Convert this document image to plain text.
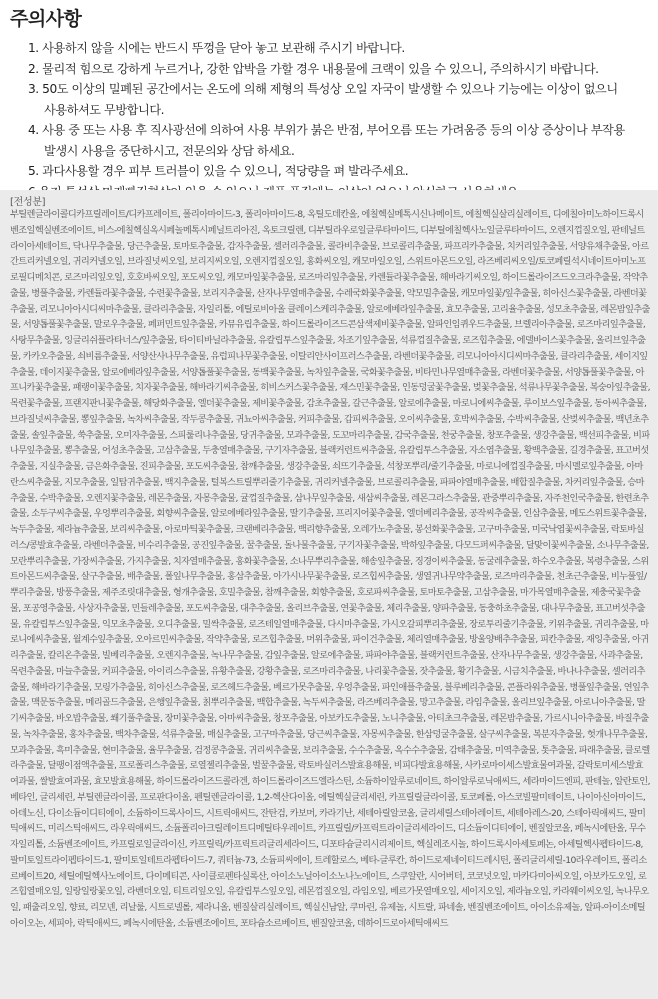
주의사항

1. 사용하지 않을 시에는 반드시 뚜껑을 닫아 놓고 보관해 주시기 바랍니다.

2. 물리적 힘으로 강하게 누르거나, 강한 압박을 가할 경우 내용물에 크랙이 있을 수 있으니, 주의하시기 바랍니다.

3. 50도 이상의 밀폐된 공간에서는 온도에 의해 제형의 특성상 오일 자국이 발생할 수 있으나 기능에는 이상이 없으니

사용하셔도 무방합니다.

4. 사용 중 또는 사용 후 직사광선에 의하여 사용 부위가 붉은 반점, 부어오름 또는 가려움증 등의 이상 증상이나 부작용

발생시 사용을 중단하시고, 전문의와 상담 하세요.

5. 과다사용할 경우 피부 트러블이 있을 수 있으니, 적당량을 펴 발라주세요.

[전성분]
부틸렌글라이콜디카프릴레이트/디카프레이트, 폴리아마이드-3, 폴리아마이드-8, 옥틸도데칸올, 에칠헥실메톡시신나메이트, 에칠헥실살리실레이트, 디에칠아미노하이드록시벤조일헥실벤조에이트, 비스-에칠헥실옥시페놀메톡시페닐트리아진, 옥토크릴렌, 디부틸라우로일글루타마이드, 디부틸에칠헥사노일글루타마이드, 오렌지껍질오일, 판테닐트라이아세테이트, 닥나무추출물, 당근추출물, 토마토추출물, 감자추출물, 셀러리추출물, 콜라비추출물, 브로콜리추출물, 파프리카추출물, 치커리잎추출물, 서양유채추출물, 아르간트리커넬오일, 귀리커넬오일, 브라질넛씨오일, 보리지씨오일, 오렌지껍질오일, 홍화씨오일, 캐모마일오일, 스위트아몬드오일, 라즈베리씨오일/토코페릴석시네이트아미노프로필디메치콘, 로즈마리잎오일, 호호바씨오일, 포도씨오일, 캐모마일꽃추출물, 로즈마리잎추출물, 카렌듈라꽃추출물, 해바라기씨오일, 하이드롤라이즈드오크라추출물, 작약추출물, 병풀추출물, 카렌듈라꽃추출물, 수련꽃추출물, 보리지추출물, 산자나무열매추출물, 수레국화꽃추출물, 약모밀추출물, 캐모마일꽃/잎추출물, 히아신스꽃추출물, 라벤더꽃추출물, 리모니아아시디씨마추출물, 클라리추출물, 자일리톨, 에틸로비아올 클레이스케리추출물, 알로에베라잎추출물, 효모추출물, 고리율추출물, 성모초추출물, 레몬밤잎추출물, 서양톱풀꽃추출물, 말로우추출물, 페퍼민트잎추출물, 카뮤유립추출물, 하이드롤라이즈드콘삼색제비꽃추출물, 알파인임퀴우드추출물, 브렐리아추출물, 로즈마리잎추출물, 사탕무추출물, 잉글리쉬플라타너스/잎추출물, 타이티바닐라추출물, 유칼립투스잎추출물, 차조기잎추출물, 석류껍질추출물, 로즈힙추출물, 에델바이스꽃추출물, 올리브잎추출물, 카카오추출물, 쇠비름추출물, 서양산사나무추출물, 유럽피나무꽃추출물, 이탈리안사이프러스추출물, 라벤더꽃추출물, 리모니아아시디씨마추출물, 클라리추출물, 세이지잎추출물, 데이지꽃추출물, 알로에베라잎추출물, 서양톱풀꽃추출물, 동백꽃추출물, 녹차잎추출물, 국화꽃추출물, 비타민나무열매추출물, 라벤더꽃추출물, 서양톱풀꽃추출물, 아프니카꽃추출물, 패랭이꽃추출물, 치자꽃추출물, 해바라기씨추출물, 히비스커스꽃추출물, 재스민꽃추출물, 인동덩굴꽃추출물, 벚꽃추출물, 석류나무꽃추출물, 복숭아잎추출물, 목련꽃추출물, 프랜지판니꽃추출물, 해당화추출물, 엘더꽃추출물, 제비꽃추출물, 감초추출물, 갈근추출물, 알로에추출물, 마로니에씨추출물, 루이보스잎추출물, 동아씨추출물, 브라질넛씨추출물, 뽕잎추출물, 녹차씨추출물, 작두콩추출물, 귀뇨아씨추출물, 커피추출물, 갑피씨추출물, 오이씨추출물, 호박씨추출물, 수박씨추출물, 산벚씨추출물, 백년초추출물, 솔잎추출물, 쑥추출물, 오미자추출물, 스피룰리나추출물, 당귀추출물, 모과추출물, 도꼬마리추출물, 감국추출물, 천궁추출물, 창포추출물, 생강추출물, 백선피추출물, 비파나무잎추출물, 뽕추출물, 어성초추출물, 고삼추출물, 두충열매추출물, 구기자추출물, 블랙커런트씨추출물, 유칼립투스추출물, 자소엽추출물, 황백추출물, 길경추출물, 표고버섯추출물, 지실추출물, 금은화추출물, 진피추출물, 포도씨추출물, 참깨추출물, 생강추출물, 쇠뜨기추출물, 석창포뿌리/줄기추출물, 마로니에껍질추출물, 마시멜로잎추출물, 아마란스씨추출물, 지모추출물, 일탑귀추출물, 백지추출물, 털복스트릴뿌리줄기추출물, 귀리커넬추출물, 브로콜리추출물, 파파야열매추출물, 배합질추출물, 차커리잎추출물, 승마추출물, 수박추출물, 오렌지꽃추출물, 레몬추출물, 자몽추출물, 귤껍질추출물, 삼나무잎추출물, 새삼씨추출물, 레몬그라스추출물, 관중뿌리추출물, 자주천인국추출물, 한련초추출물, 소두구씨추출물, 우엉뿌리추출물, 회향씨추출물, 알로에베라잎추출물, 딸기추출물, 프리지어꽃추출물, 엘더베리추출물, 공작씨추출물, 인삼추출물, 메도스위트꽃추출물, 녹두추출물, 제라늄추출물, 보리씨추출물, 아로마틱꽃추출물, 크랜베리추출물, 백리향추출물, 오레가노추출물, 봉선화꽃추출물, 고구마추출물, 미국낙엽꽃씨추출물, 락토바실러스/콩발효추출물, 라벤더추출물, 비수리추출물, 공진잎추출물, 꿀추출물, 돌나물추출물, 구기자꽃추출물, 박하잎추출물, 다모드퍼씨추출물, 달맞이꽃씨추출물, 소나무추출물, 모란뿌리추출물, 가장씨추출물, 가지추출물, 치자열매추출물, 홍화꽃추출물, 소나무뿌리추출물, 해송잎추출물, 징경이씨추출물, 동굴레추출물, 하수오추출물, 복령추출물, 스위트아몬드씨추출물, 살구추출물, 배추출물, 폴잎나무추출물, 홍삼추출물, 아가시나무꽃추출물, 로즈힙씨추출물, 생열귀나무약추출물, 로즈마리추출물, 천초근추출물, 비누풀잎/뿌리추출물, 방풍추출물, 제주조릿대추출물, 형개추출물, 호밀추출물, 참깨추출물, 회향추출물, 호로파씨추출물, 토마토추출물, 고삼추출물, 마가목열매추출물, 제충국꽃추출물, 포공영추출물, 사상자추출물, 민들레추출물, 포도씨추출물, 대추추출물, 올리브추출물, 연꽃추출물, 체리추출물, 양파추출물, 동충하초추출물, 대나무추출물, 표고버섯추출물, 유칼립투스잎추출물, 익모초추출물, 오디추출물, 밀싹추출물, 로즈테일열매추출물, 다시마추출물, 가시오갈피뿌리추출물, 장로투리줄기추출물, 키위추출물, 귀리추출물, 마로니에씨추출물, 월계수잎추출물, 오아르민씨추출물, 작약추출물, 로즈힙추출물, 머위추출물, 파이건추출물, 체리열매추출물, 방울양배추추출물, 피칸추출물, 재잉추출물, 아귀리추출물, 칼리온추출물, 빌베리추출물, 오렌지추출물, 녹나무추출물, 감잎추출물, 알로에추출물, 파파야추출물, 블랙커런트추출물, 산자나무추출물, 생강추출물, 사과추출물, 목련추출물, 마늘추출물, 커피추출물, 아이리스추출물, 유황추출물, 강황추출물, 로즈마리추출물, 나리꽃추출물, 잣추출물, 황기추출물, 시금치추출물, 바나나추출물, 셀러리추출물, 해바라기추출물, 모링가추출물, 히아신스추출물, 로즈헤드추출물, 베르가못추출물, 우엉추출물, 파인애플추출물, 블루베리추출물, 콘플라워추출물, 병풀잎추출물, 연잎추출물, 맥문동추출물, 메리골드추출물, 은행잎추출물, 칡뿌리추출물, 백합추출물, 녹두씨추출물, 라즈베리추출물, 망고추출물, 라임추출물, 올리브잎추출물, 아로니아추출물, 딸기씨추출물, 바오밥추출물, 쐐기풀추출물, 장미꽃추출물, 아마씨추출물, 창포추출물, 아보카도추출물, 노니추출물, 아티초크추출물, 레몬밤추출물, 가르시니아추출물, 바질추출물, 녹차추출물, 홍차추출물, 백차추출물, 석류추출물, 매실추출물, 고구마추출물, 당근씨추출물, 자몽씨추출물, 한삼덩굴추출물, 살구씨추출물, 복분자추출물, 헛개나무추출물, 모과추출물, 흑미추출물, 현미추출물, 율무추출물, 검정콩추출물, 귀리씨추출물, 보리추출물, 수수추출물, 옥수수추출물, 감태추출물, 미역추출물, 톳추출물, 파래추출물, 클로렐라추출물, 달팽이점액추출물, 프로폴리스추출물, 로열젤리추출물, 벌꿀추출물, 락토바실러스발효용해물, 비피다발효용해물, 사카로마이세스발효물여과물, 갈락토미세스발효여과물, 쌀발효여과물, 효모발효용해물, 하이드롤라이즈드콜라겐, 하이드롤라이즈드엘라스틴, 소듐하이알루로네이트, 하이알루로닉애씨드, 세라마이드엔피, 판테놀, 알란토인, 베타인, 글리세린, 부틸렌글라이콜, 프로판다이올, 펜틸렌글라이콜, 1,2-헥산다이올, 에틸헥실글리세린, 카프릴릴글라이콜, 토코페롤, 아스코빌팔미테이트, 나이아신아마이드, 아데노신, 다이소듐이디티에이, 소듐하이드록사이드, 시트릭애씨드, 잔탄검, 카보머, 카라기난, 세테아릴알코올, 글리세릴스테아레이트, 세테아레스-20, 스테아릭애씨드, 팔미틱애씨드, 미리스틱애씨드, 라우릭애씨드, 소듐폴리아크릴레이트디메틸타우레이트, 카프릴릴/카프릭트라이글리세라이드, 디소듐이디티에이, 벤질알코올, 페녹시에탄올, 무수자일리톨, 소듐벤조에이트, 카프릴로일글라이신, 카프릴릭/카프릭트리글리세라이드, 디포타슘글리시리제이트, 헥실레조시놀, 하이드록시아세토페논, 아세틸헥사펩타이드-8, 팔미토일트라이펩타이드-1, 팔미토일테트라펩타이드-7, 쿼터늄-73, 소듐피씨에이, 트레할로스, 베타-글루칸, 하이드로제네이티드레시틴, 폴리글리세릴-10라우레이트, 폴리소르베이트20, 세틸에틸헥사노에이트, 다이메티콘, 사이클로펜타실록산, 아이소노닐아이소노나노에이트, 스쿠알란, 시어버터, 코코넛오일, 마카다미아씨오일, 아보카도오일, 로즈힙열매오일, 일랑일랑꽃오일, 라벤더오일, 티트리잎오일, 유칼립투스잎오일, 레몬껍질오일, 라임오일, 베르가못열매오일, 세이지오일, 제라늄오일, 카라웨이씨오일, 녹나무오일, 패출리오일, 향료, 리모넨, 리날룰, 시트로넬롤, 제라니올, 벤질살리실레이트, 헥실신남알, 쿠마린, 유제놀, 시트랄, 파네솔, 벤질벤조에이트, 아이소유제놀, 알파-아이소메틸아이오논, 세피아, 락틱애씨드, 페녹시에탄올, 소듐벤조에이트, 포타슘소르베이트, 벤질알코올, 데하이드로아세틱애씨드
